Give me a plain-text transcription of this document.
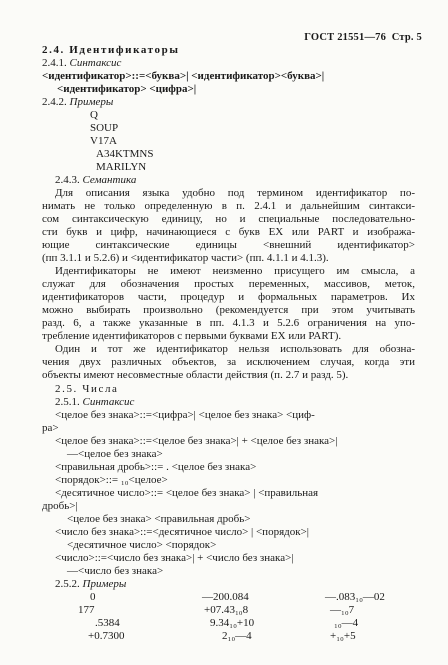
ГОСТ 21551—76 Стр. 5
2.4. Идентификаторы
2.4.1. Синтаксис
<идентификатор>::=<буква>| <идентификатор><буква>|
<идентификатор> <цифра>|
2.4.2. Примеры
Q
SOUP
V17A
A34KTMNS
MARILYN
2.4.3. Семантика
Для описания языка удобно под термином идентификатор по-
нимать не только определенную в п. 2.4.1 и дальнейшим синтакси-
сом синтаксическую единицу, но и специальные последовательно-
сти букв и цифр, начинающиеся с букв EX или PART и изобража-
ющие синтаксические единицы <внешний идентификатор>
(пп 3.1.1 и 5.2.6) и <идентификатор части> (пп. 4.1.1 и 4.1.3).
Идентификаторы не имеют неизменно присущего им смысла, а
служат для обозначения простых переменных, массивов, меток,
идентификаторов части, процедур и формальных параметров. Их
можно выбирать произвольно (рекомендуется при этом учитывать
разд. 6, а также указанные в пп. 4.1.3 и 5.2.6 ограничения на упо-
требление идентификаторов с первыми буквами EX или PART).
Один и тот же идентификатор нельзя использовать для обозна-
чения двух различных объектов, за исключением случая, когда эти
объекты имеют несовместные области действия (п. 2.7 и разд. 5).
2.5. Числа
2.5.1. Синтаксис
<целое без знака>::=<цифра>| <целое без знака> <циф-
ра>
<целое без знака>::=<целое без знака>| + <целое без знака>|
—<целое без знака>
<правильная дробь>::= . <целое без знака>
<порядок>::= ₁₀<целое>
<десятичное число>::= <целое без знака> | <правильная
дробь>|
<целое без знака> <правильная дробь>
<число без знака>::=<десятичное число> | <порядок>|
<десятичное число> <порядок>
<число>::=<число без знака>| + <число без знака>|
—<число без знака>
2.5.2. Примеры
0
177
.5384
+0.7300
—200.084
+07.43₁₀8
9.34₁₀+10
2₁₀—4
—.083₁₀—02
—₁₀7
₁₀—4
+₁₀+5
